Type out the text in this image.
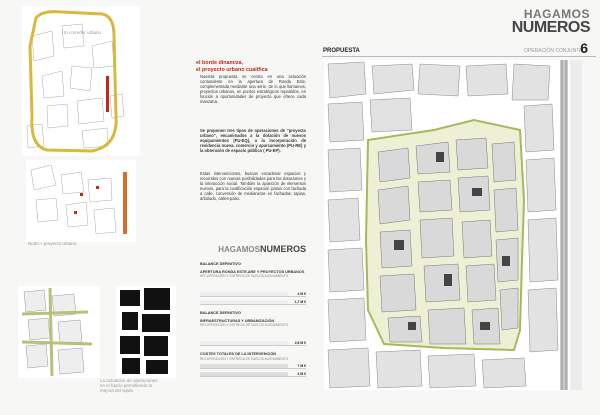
HAGAMOS
NUMEROS
PROPUESTA	OPERACIÓN CONJUNTA
6
Un corredor urbano
Nodo + proyecto urbano
La actuación de operaciones en el barrio permitiendo la mejora del tejido
el borde dinamiza,
el proyecto urbano cualifica
Nuestra propuesta se centra en una actuación contundente en la apertura de Ronda Este, complementada mediante una serie, de lo que llamamos, proyectos urbanos, en puntos estratégicos repartidos, en función a oportunidades de proyecto que ofrece cada manzana.
Se proponen tres tipos de operaciones de "proyecto urbano", encaminados a la dotación de nuevos equipamientos (PU-EQ), a la incorporación de residencia nueva, comercio y aparcamiento (PU-RE) y la obtención de espacio público ( PU-EP).
Estas intervenciones, buscan encadenar espacios y recorridos con nuevas posibilidades para las dotaciones y la interacción social. También la aparición de elementos nuevos, para la cualificación espacial: patios con fachada a calle, conversión de medianeras en fachadas, tapias, arbolado, calles-patio.
HAGAMOSNUMEROS
BALANCE DEFINITIVO
APERTURA RONDA ESTE,ARE Y PROYECTOS URBANOS
RECUPERACIÓN Y ENTREGA DE SUELOS ALIENAMIENTO
4 M €
1,7 M €
BALANCE DEFINITIVO
INFRAESTRUCTURAS Y URBANIZACIÓN
RECUPERACIÓN Y ENTREGA DE SUELOS ALIENAMIENTO
2,8 M €
COSTES TOTALES DE LA INTERVENCIÓN
RECUPERACIÓN Y ENTREGA DE SUELOS ALIENAMIENTO
7 M €
4 M €
